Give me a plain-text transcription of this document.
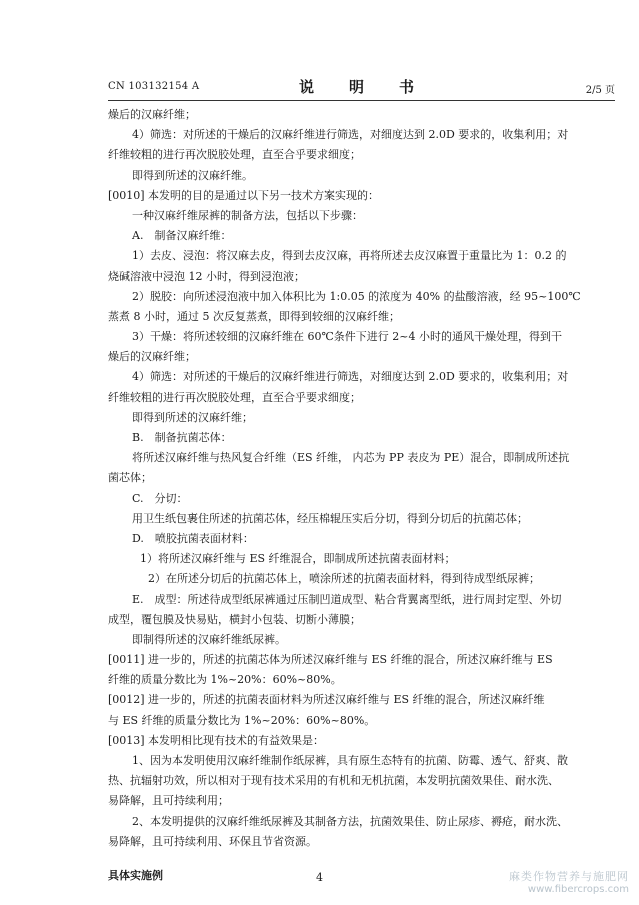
CN 103132154 A	说　明　书	2/5 页
燥后的汉麻纤维；
4）筛选：对所述的干燥后的汉麻纤维进行筛选，对细度达到 2.0D 要求的，收集利用；对
纤维较粗的进行再次脱胶处理，直至合乎要求细度；
即得到所述的汉麻纤维。
[0010] 本发明的目的是通过以下另一技术方案实现的：
一种汉麻纤维尿裤的制备方法，包括以下步骤：
A.　制备汉麻纤维：
1）去皮、浸泡：将汉麻去皮，得到去皮汉麻，再将所述去皮汉麻置于重量比为 1：0.2 的
烧碱溶液中浸泡 12 小时，得到浸泡液；
2）脱胶：向所述浸泡液中加入体积比为 1:0.05 的浓度为 40% 的盐酸溶液，经 95~100℃
蒸煮 8 小时，通过 5 次反复蒸煮，即得到较细的汉麻纤维；
3）干燥：将所述较细的汉麻纤维在 60℃条件下进行 2~4 小时的通风干燥处理，得到干
燥后的汉麻纤维；
4）筛选：对所述的干燥后的汉麻纤维进行筛选，对细度达到 2.0D 要求的，收集利用；对
纤维较粗的进行再次脱胶处理，直至合乎要求细度；
即得到所述的汉麻纤维；
B.　制备抗菌芯体：
将所述汉麻纤维与热风复合纤维（ES 纤维， 内芯为 PP 表皮为 PE）混合，即制成所述抗
菌芯体；
C.　分切：
用卫生纸包裹住所述的抗菌芯体，经压棉辊压实后分切，得到分切后的抗菌芯体；
D.　喷胶抗菌表面材料：
1）将所述汉麻纤维与 ES 纤维混合，即制成所述抗菌表面材料；
2）在所述分切后的抗菌芯体上，喷涂所述的抗菌表面材料，得到待成型纸尿裤；
E.　成型：所述待成型纸尿裤通过压制凹道成型、粘合背翼离型纸，进行周封定型、外切
成型，覆包膜及快易贴，横封小包装、切断小薄膜；
即制得所述的汉麻纤维纸尿裤。
[0011] 进一步的，所述的抗菌芯体为所述汉麻纤维与 ES 纤维的混合，所述汉麻纤维与 ES
纤维的质量分数比为 1%~20%：60%~80%。
[0012] 进一步的，所述的抗菌表面材料为所述汉麻纤维与 ES 纤维的混合，所述汉麻纤维
与 ES 纤维的质量分数比为 1%~20%：60%~80%。
[0013] 本发明相比现有技术的有益效果是：
1、因为本发明使用汉麻纤维制作纸尿裤，具有原生态特有的抗菌、防霉、透气、舒爽、散
热、抗辐射功效，所以相对于现有技术采用的有机和无机抗菌，本发明抗菌效果佳、耐水洗、
易降解，且可持续利用；
2、本发明提供的汉麻纤维纸尿裤及其制备方法，抗菌效果佳、防止尿疹、褥疮，耐水洗、
易降解，且可持续利用、环保且节省资源。
具体实施例	4	麻类作物营养与施肥网
www.fibercrops.com
